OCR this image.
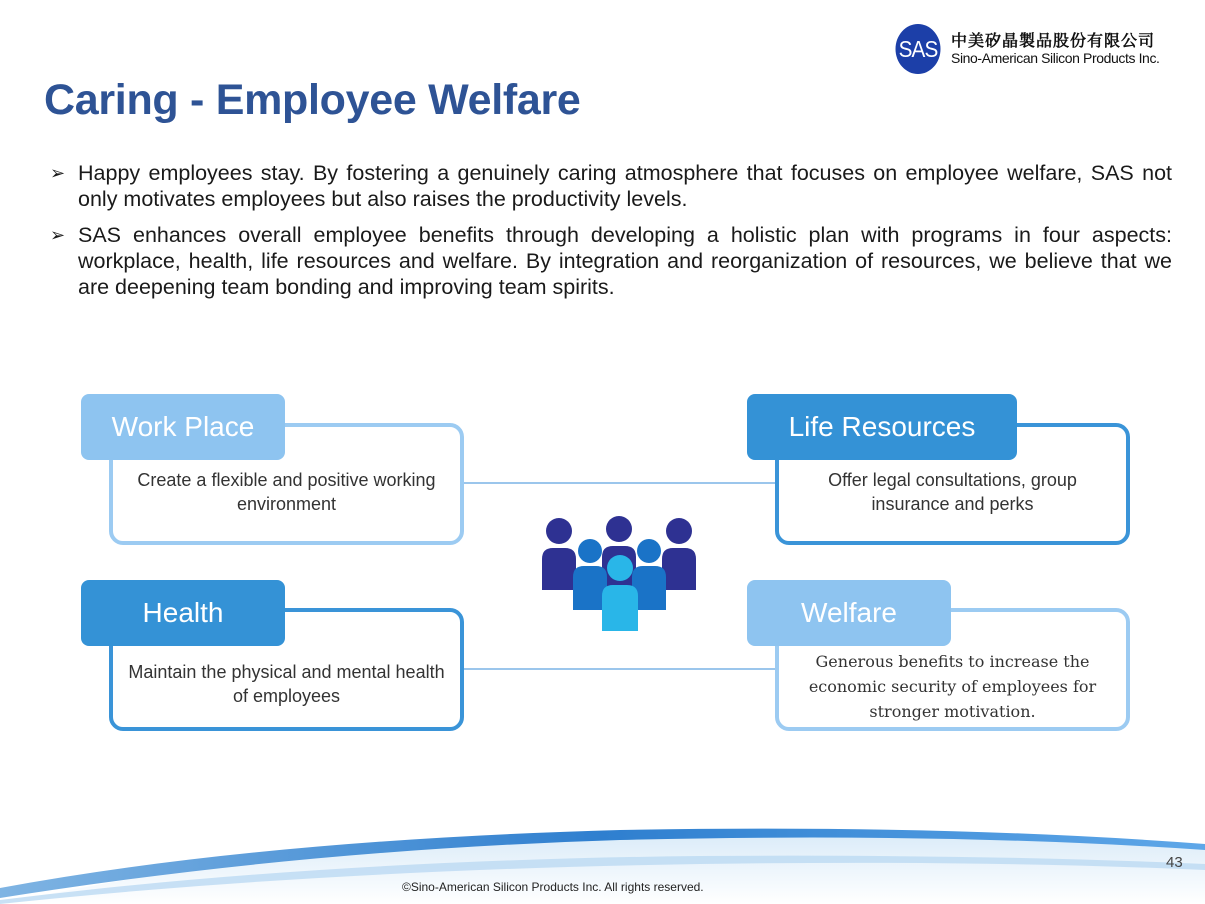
SAS 中美矽晶製品股份有限公司
Sino-American Silicon Products Inc.
Caring - Employee Welfare
➢ Happy employees stay. By fostering a genuinely caring atmosphere that focuses on employee welfare, SAS not only motivates employees but also raises the productivity levels.
➢ SAS enhances overall employee benefits through developing a holistic plan with programs in four aspects: workplace, health, life resources and welfare. By integration and reorganization of resources, we believe that we are deepening team bonding and improving team spirits.
Create a flexible and positive working environment
Work Place
Offer legal consultations, group insurance and perks
Life Resources
Maintain the physical and mental health of employees
Health
Generous benefits to increase the economic security of employees for stronger motivation.
Welfare
43
©Sino-American Silicon Products Inc. All rights reserved.
